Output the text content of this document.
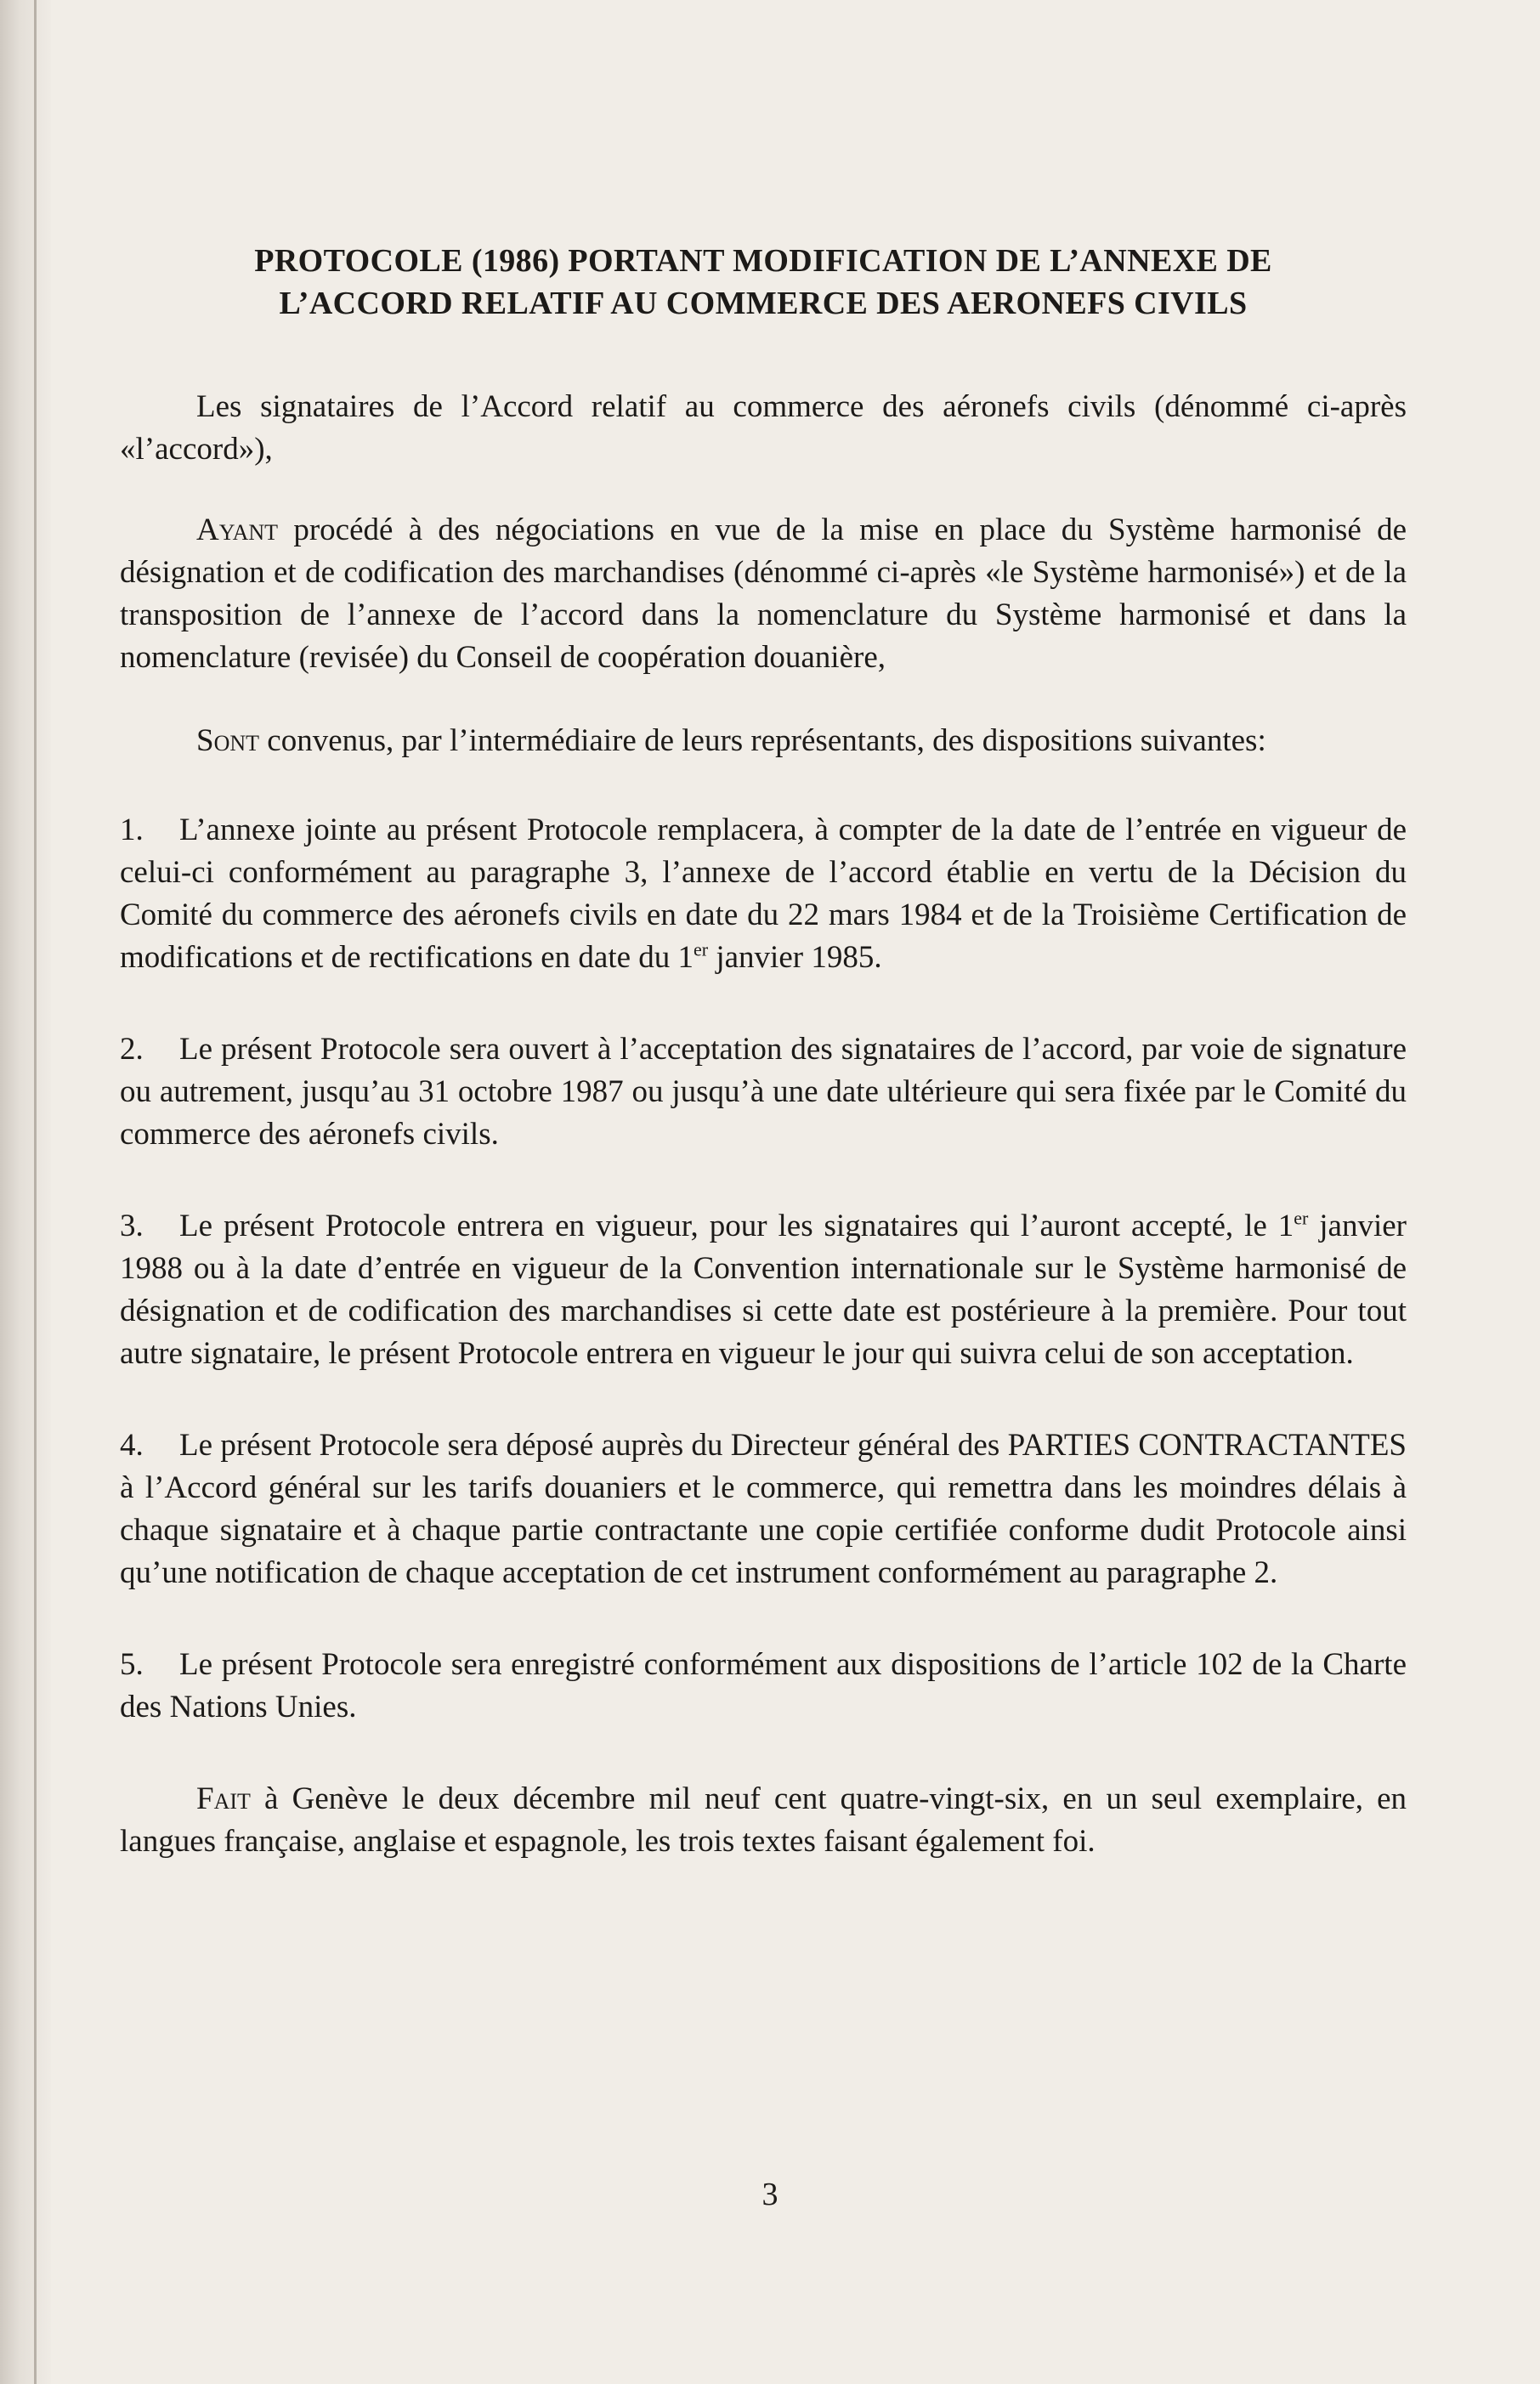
PROTOCOLE (1986) PORTANT MODIFICATION DE L’ANNEXE DE
L’ACCORD RELATIF AU COMMERCE DES AERONEFS CIVILS

Les signataires de l’Accord relatif au commerce des aéronefs civils (dénommé ci-après «l’accord»),

Ayant procédé à des négociations en vue de la mise en place du Système harmonisé de désignation et de codification des marchandises (dénommé ci-après «le Système harmonisé») et de la transposition de l’annexe de l’accord dans la nomenclature du Système harmonisé et dans la nomenclature (revisée) du Conseil de coopération douanière,

Sont convenus, par l’intermédiaire de leurs représentants, des dispositions suivantes:

1. L’annexe jointe au présent Protocole remplacera, à compter de la date de l’entrée en vigueur de celui-ci conformément au paragraphe 3, l’annexe de l’accord établie en vertu de la Décision du Comité du commerce des aéronefs civils en date du 22 mars 1984 et de la Troisième Certification de modifications et de rectifications en date du 1er janvier 1985.

2. Le présent Protocole sera ouvert à l’acceptation des signataires de l’accord, par voie de signature ou autrement, jusqu’au 31 octobre 1987 ou jusqu’à une date ultérieure qui sera fixée par le Comité du commerce des aéronefs civils.

3. Le présent Protocole entrera en vigueur, pour les signataires qui l’auront accepté, le 1er janvier 1988 ou à la date d’entrée en vigueur de la Convention internationale sur le Système harmonisé de désignation et de codification des marchandises si cette date est postérieure à la première. Pour tout autre signataire, le présent Protocole entrera en vigueur le jour qui suivra celui de son acceptation.

4. Le présent Protocole sera déposé auprès du Directeur général des PARTIES CONTRACTANTES à l’Accord général sur les tarifs douaniers et le commerce, qui remettra dans les moindres délais à chaque signataire et à chaque partie contractante une copie certifiée conforme dudit Protocole ainsi qu’une notification de chaque acceptation de cet instrument conformément au paragraphe 2.

5. Le présent Protocole sera enregistré conformément aux dispositions de l’article 102 de la Charte des Nations Unies.

Fait à Genève le deux décembre mil neuf cent quatre-vingt-six, en un seul exemplaire, en langues française, anglaise et espagnole, les trois textes faisant également foi.

3
